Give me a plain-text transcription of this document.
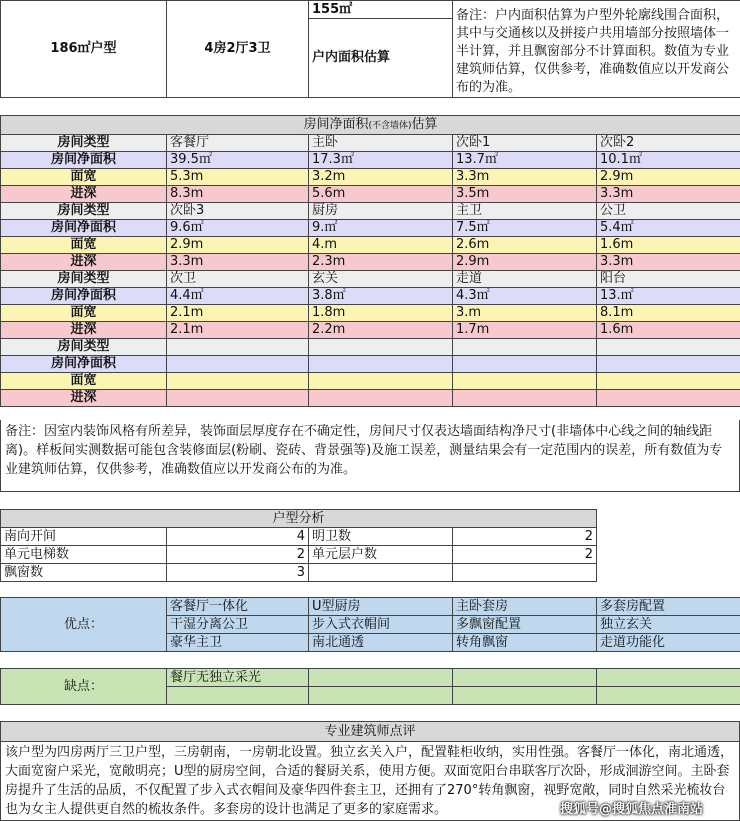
186㎡户型	4房2厅3卫	155㎡	备注：户内面积估算为户型外轮廓线围合面积，其中与交通核以及拼接户共用墙部分按照墙体一半计算，并且飘窗部分不计算面积。数值为专业建筑师估算，仅供参考，准确数值应以开发商公布的为准。
户内面积估算
房间净面积(不含墙体)估算				
房间类型	客餐厅	主卧	次卧1	次卧2
房间净面积	39.5㎡	17.3㎡	13.7㎡	10.1㎡
面宽	5.3m	3.2m	3.3m	2.9m
进深	8.3m	5.6m	3.5m	3.3m
房间类型	次卧3	厨房	主卫	公卫
房间净面积	9.6㎡	9.㎡	7.5㎡	5.4㎡
面宽	2.9m	4.m	2.6m	1.6m
进深	3.3m	2.3m	2.9m	3.3m
房间类型	次卫	玄关	走道	阳台
房间净面积	4.4㎡	3.8㎡	4.3㎡	13.㎡
面宽	2.1m	1.8m	3.m	8.1m
进深	2.1m	2.2m	1.7m	1.6m
房间类型				
房间净面积				
面宽				
进深				
备注：因室内装饰风格有所差异，装饰面层厚度存在不确定性，房间尺寸仅表达墙面结构净尺寸(非墙体中心线之间的轴线距离)。样板间实测数据可能包含装修面层(粉刷、瓷砖、背景强等)及施工误差，测量结果会有一定范围内的误差，所有数值为专业建筑师估算，仅供参考，准确数值应以开发商公布的为准。
户型分析			
南向开间	4	明卫数	2
单元电梯数	2	单元层户数	2
飘窗数	3		
优点：	客餐厅一体化	U型厨房	主卧套房	多套房配置
	干湿分离公卫	步入式衣帽间	多飘窗配置	独立玄关
	豪华主卫	南北通透	转角飘窗	走道功能化
缺点：	餐厅无独立采光			

专业建筑师点评
该户型为四房两厅三卫户型，三房朝南，一房朝北设置。独立玄关入户，配置鞋柜收纳，实用性强。客餐厅一体化，南北通透，大面宽窗户采光，宽敞明亮；U型的厨房空间，合适的餐厨关系，使用方便。双面宽阳台串联客厅次卧，形成洄游空间。主卧套房提升了生活的品质，不仅配置了步入式衣帽间及豪华四件套主卫，还拥有了270°转角飘窗，视野宽敞，同时自然采光梳妆台也为女主人提供更自然的梳妆条件。多套房的设计也满足了更多的家庭需求。	搜狐号@搜狐焦点淮南站
